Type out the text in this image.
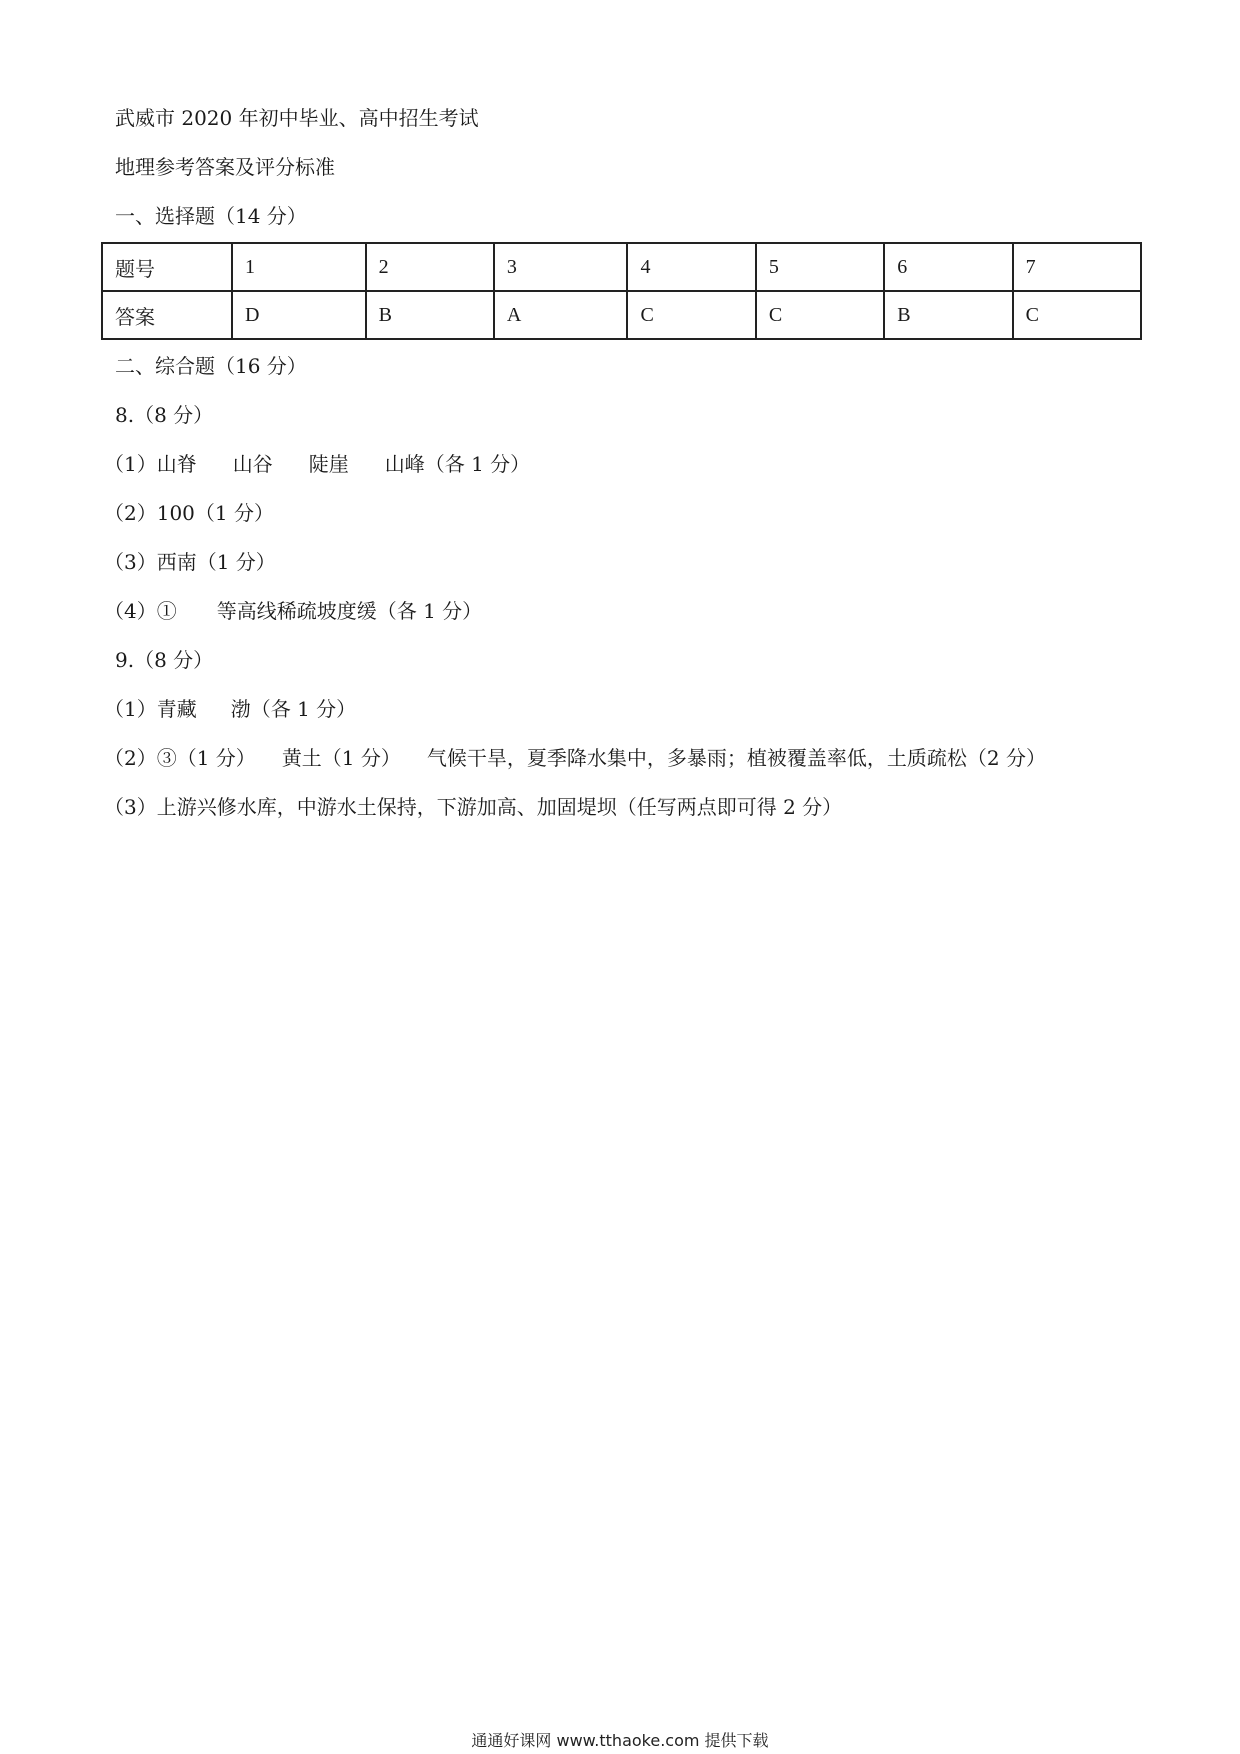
武威市 2020 年初中毕业、高中招生考试
地理参考答案及评分标准
一、选择题（14 分）
题号	1	2	3	4	5	6	7
答案	D	B	A	C	C	B	C
二、综合题（16 分）
8.（8 分）
（1）山脊 山谷 陡崖 山峰（各 1 分）
（2）100（1 分）
（3）西南（1 分）
（4）① 等高线稀疏坡度缓（各 1 分）
9.（8 分）
（1）青藏 渤（各 1 分）
（2）③（1 分） 黄土（1 分） 气候干旱，夏季降水集中，多暴雨；植被覆盖率低，土质疏松（2 分）
（3）上游兴修水库，中游水土保持，下游加高、加固堤坝（任写两点即可得 2 分）
通通好课网 www.tthaoke.com 提供下载
